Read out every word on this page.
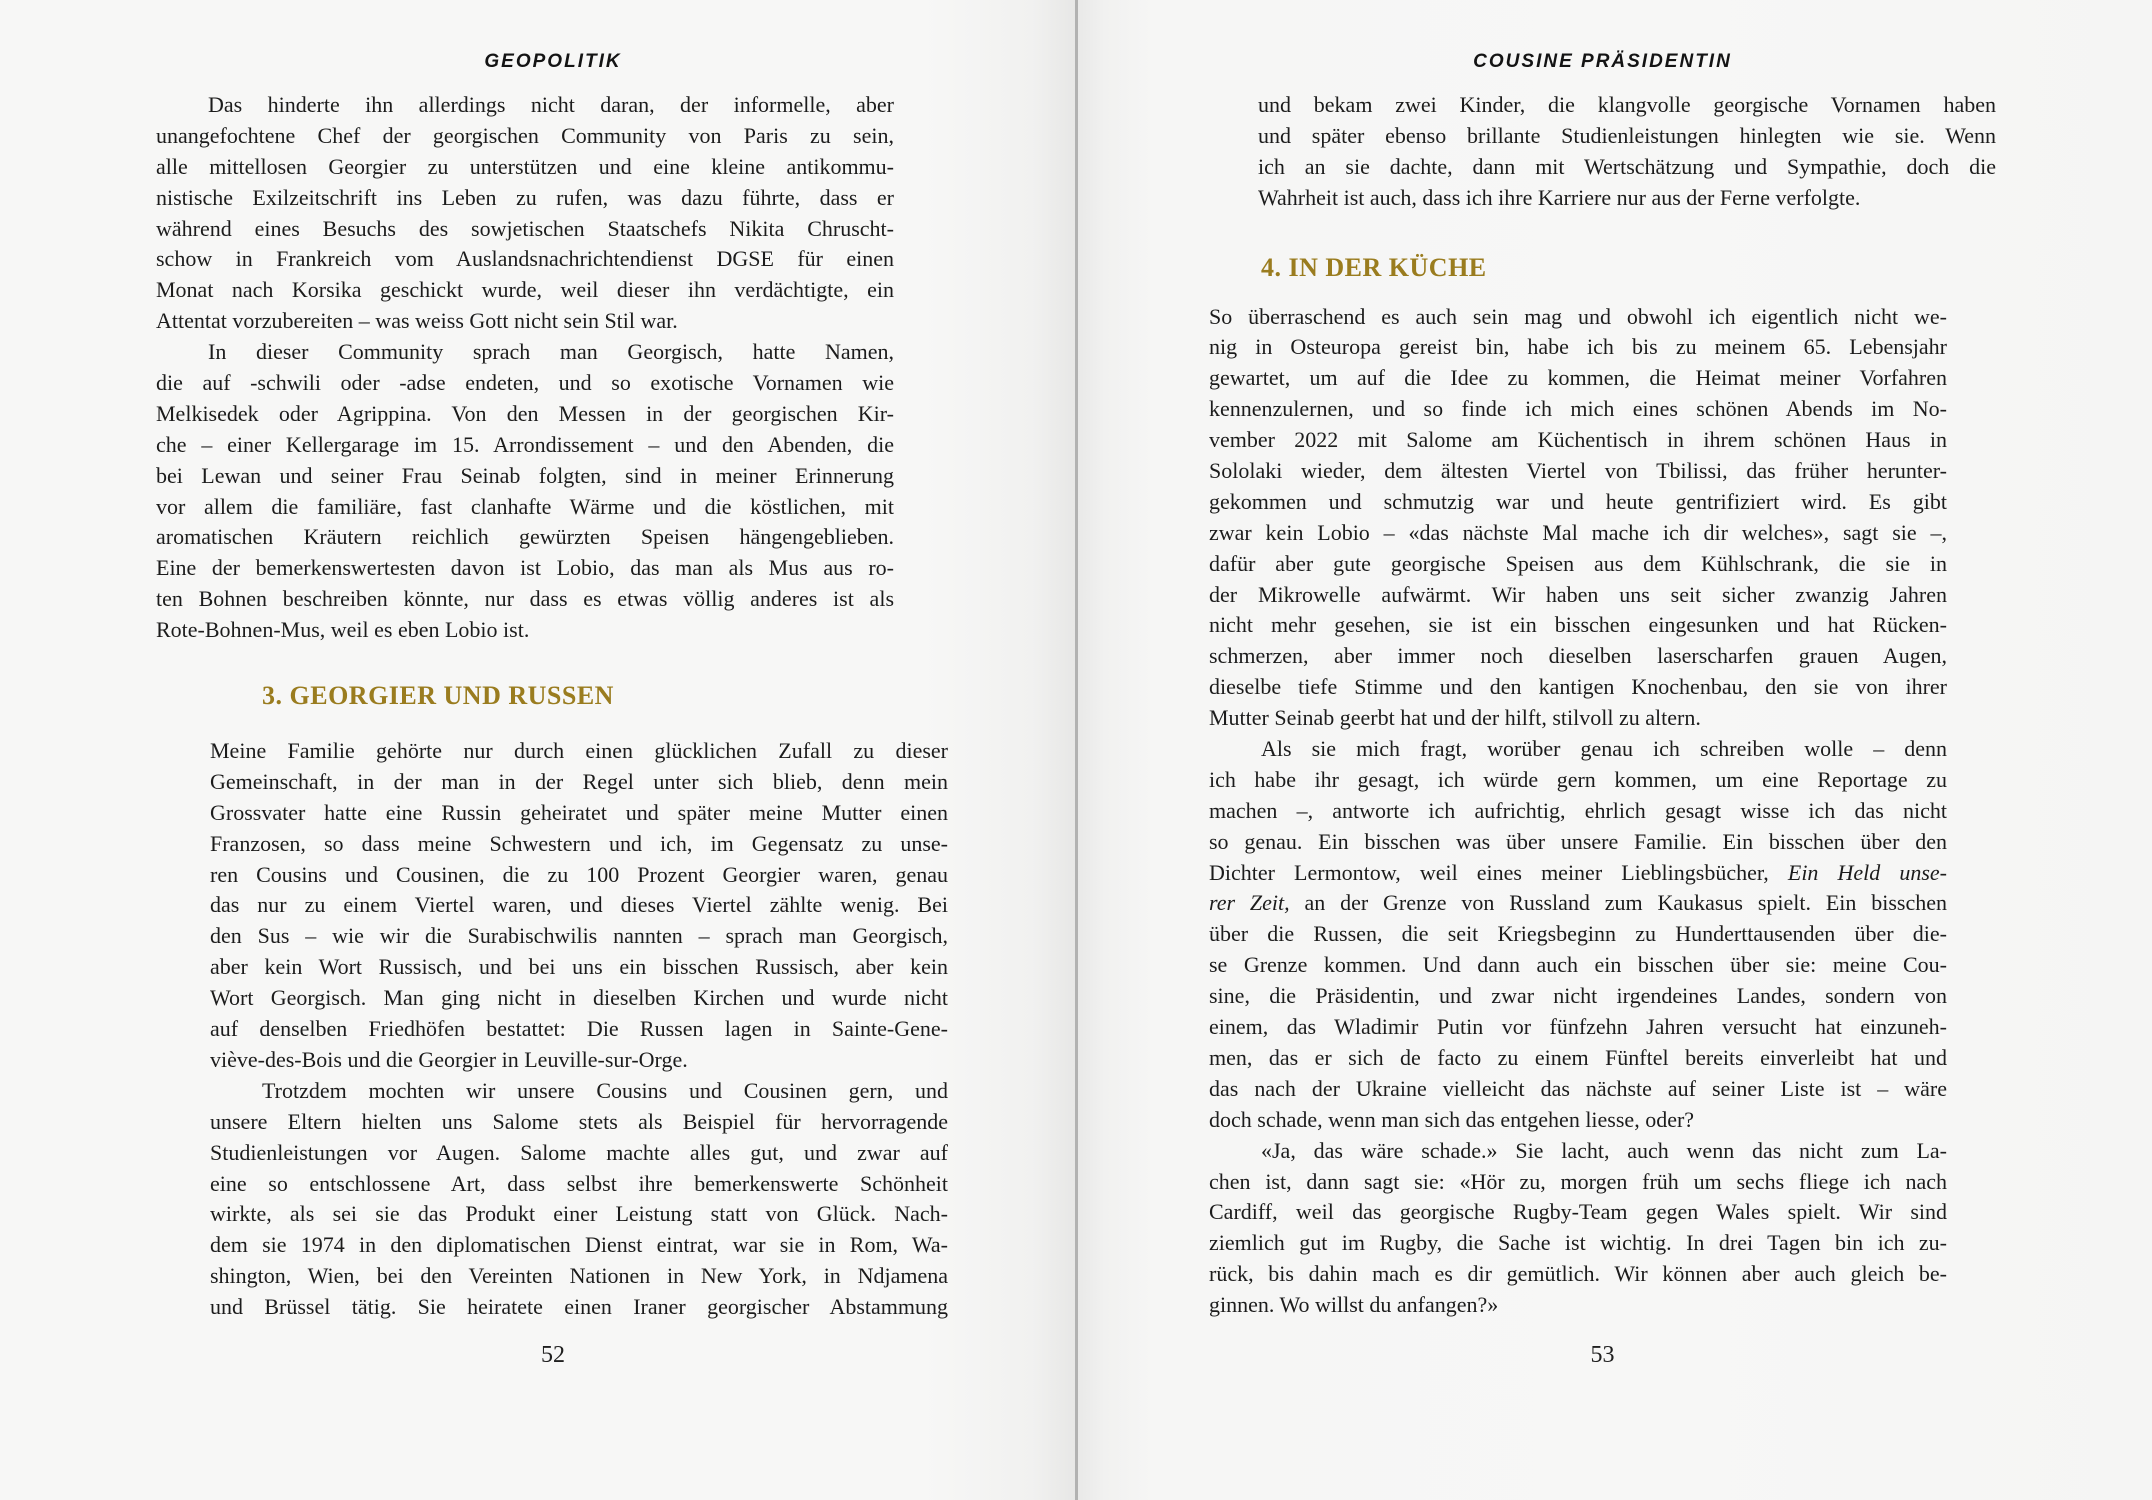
GEOPOLITIK
Das hinderte ihn allerdings nicht daran, der informelle, aber
unangefochtene Chef der georgischen Community von Paris zu sein,
alle mittellosen Georgier zu unterstützen und eine kleine antikommu-
nistische Exilzeitschrift ins Leben zu rufen, was dazu führte, dass er
während eines Besuchs des sowjetischen Staatschefs Nikita Chruscht-
schow in Frankreich vom Auslandsnachrichtendienst DGSE für einen
Monat nach Korsika geschickt wurde, weil dieser ihn verdächtigte, ein
Attentat vorzubereiten – was weiss Gott nicht sein Stil war.
In dieser Community sprach man Georgisch, hatte Namen,
die auf -schwili oder -adse endeten, und so exotische Vornamen wie
Melkisedek oder Agrippina. Von den Messen in der georgischen Kir-
che – einer Kellergarage im 15. Arrondissement – und den Abenden, die
bei Lewan und seiner Frau Seinab folgten, sind in meiner Erinnerung
vor allem die familiäre, fast clanhafte Wärme und die köstlichen, mit
aromatischen Kräutern reichlich gewürzten Speisen hängengeblieben.
Eine der bemerkenswertesten davon ist Lobio, das man als Mus aus ro-
ten Bohnen beschreiben könnte, nur dass es etwas völlig anderes ist als
Rote-Bohnen-Mus, weil es eben Lobio ist.
3. GEORGIER UND RUSSEN
Meine Familie gehörte nur durch einen glücklichen Zufall zu dieser
Gemeinschaft, in der man in der Regel unter sich blieb, denn mein
Grossvater hatte eine Russin geheiratet und später meine Mutter einen
Franzosen, so dass meine Schwestern und ich, im Gegensatz zu unse-
ren Cousins und Cousinen, die zu 100 Prozent Georgier waren, genau
das nur zu einem Viertel waren, und dieses Viertel zählte wenig. Bei
den Sus – wie wir die Surabischwilis nannten – sprach man Georgisch,
aber kein Wort Russisch, und bei uns ein bisschen Russisch, aber kein
Wort Georgisch. Man ging nicht in dieselben Kirchen und wurde nicht
auf denselben Friedhöfen bestattet: Die Russen lagen in Sainte-Gene-
viève-des-Bois und die Georgier in Leuville-sur-Orge.
Trotzdem mochten wir unsere Cousins und Cousinen gern, und
unsere Eltern hielten uns Salome stets als Beispiel für hervorragende
Studienleistungen vor Augen. Salome machte alles gut, und zwar auf
eine so entschlossene Art, dass selbst ihre bemerkenswerte Schönheit
wirkte, als sei sie das Produkt einer Leistung statt von Glück. Nach-
dem sie 1974 in den diplomatischen Dienst eintrat, war sie in Rom, Wa-
shington, Wien, bei den Vereinten Nationen in New York, in Ndjamena
und Brüssel tätig. Sie heiratete einen Iraner georgischer Abstammung
52
COUSINE PRÄSIDENTIN
und bekam zwei Kinder, die klangvolle georgische Vornamen haben
und später ebenso brillante Studienleistungen hinlegten wie sie. Wenn
ich an sie dachte, dann mit Wertschätzung und Sympathie, doch die
Wahrheit ist auch, dass ich ihre Karriere nur aus der Ferne verfolgte.
4. IN DER KÜCHE
So überraschend es auch sein mag und obwohl ich eigentlich nicht we-
nig in Osteuropa gereist bin, habe ich bis zu meinem 65. Lebensjahr
gewartet, um auf die Idee zu kommen, die Heimat meiner Vorfahren
kennenzulernen, und so finde ich mich eines schönen Abends im No-
vember 2022 mit Salome am Küchentisch in ihrem schönen Haus in
Sololaki wieder, dem ältesten Viertel von Tbilissi, das früher herunter-
gekommen und schmutzig war und heute gentrifiziert wird. Es gibt
zwar kein Lobio – «das nächste Mal mache ich dir welches», sagt sie –,
dafür aber gute georgische Speisen aus dem Kühlschrank, die sie in
der Mikrowelle aufwärmt. Wir haben uns seit sicher zwanzig Jahren
nicht mehr gesehen, sie ist ein bisschen eingesunken und hat Rücken-
schmerzen, aber immer noch dieselben laserscharfen grauen Augen,
dieselbe tiefe Stimme und den kantigen Knochenbau, den sie von ihrer
Mutter Seinab geerbt hat und der hilft, stilvoll zu altern.
Als sie mich fragt, worüber genau ich schreiben wolle – denn
ich habe ihr gesagt, ich würde gern kommen, um eine Reportage zu
machen –, antworte ich aufrichtig, ehrlich gesagt wisse ich das nicht
so genau. Ein bisschen was über unsere Familie. Ein bisschen über den
Dichter Lermontow, weil eines meiner Lieblingsbücher, Ein Held unse-
rer Zeit, an der Grenze von Russland zum Kaukasus spielt. Ein bisschen
über die Russen, die seit Kriegsbeginn zu Hunderttausenden über die-
se Grenze kommen. Und dann auch ein bisschen über sie: meine Cou-
sine, die Präsidentin, und zwar nicht irgendeines Landes, sondern von
einem, das Wladimir Putin vor fünfzehn Jahren versucht hat einzuneh-
men, das er sich de facto zu einem Fünftel bereits einverleibt hat und
das nach der Ukraine vielleicht das nächste auf seiner Liste ist – wäre
doch schade, wenn man sich das entgehen liesse, oder?
«Ja, das wäre schade.» Sie lacht, auch wenn das nicht zum La-
chen ist, dann sagt sie: «Hör zu, morgen früh um sechs fliege ich nach
Cardiff, weil das georgische Rugby-Team gegen Wales spielt. Wir sind
ziemlich gut im Rugby, die Sache ist wichtig. In drei Tagen bin ich zu-
rück, bis dahin mach es dir gemütlich. Wir können aber auch gleich be-
ginnen. Wo willst du anfangen?»
53
